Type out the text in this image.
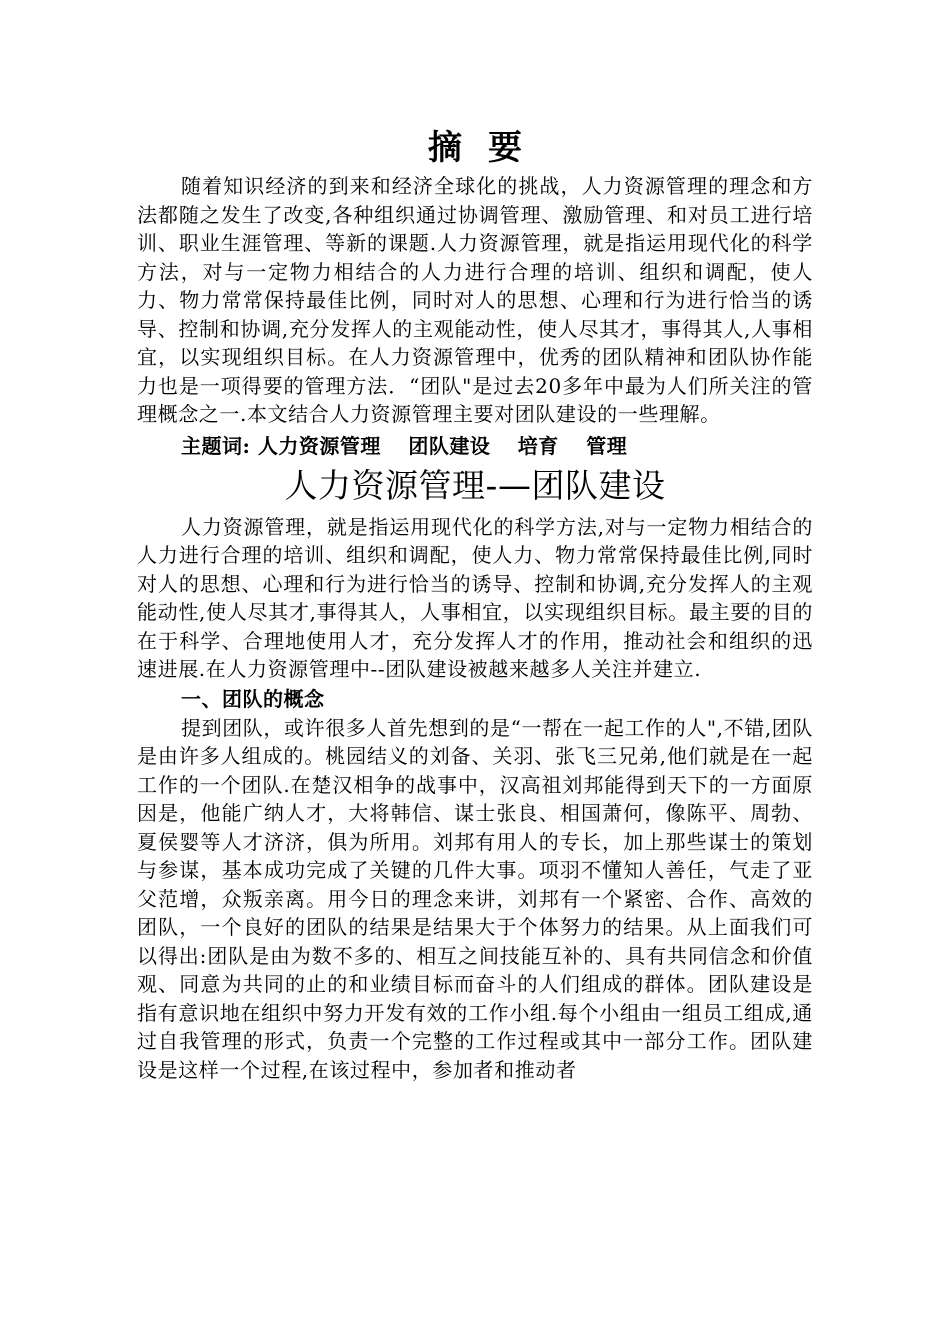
摘要

随着知识经济的到来和经济全球化的挑战，人力资源管理的理念和方法都随之发生了改变,各种组织通过协调管理、激励管理、和对员工进行培训、职业生涯管理、等新的课题.人力资源管理，就是指运用现代化的科学方法，对与一定物力相结合的人力进行合理的培训、组织和调配，使人力、物力常常保持最佳比例，同时对人的思想、心理和行为进行恰当的诱导、控制和协调,充分发挥人的主观能动性，使人尽其才，事得其人,人事相宜，以实现组织目标。在人力资源管理中，优秀的团队精神和团队协作能力也是一项得要的管理方法．“团队"是过去20多年中最为人们所关注的管理概念之一.本文结合人力资源管理主要对团队建设的一些理解。

主题词: 人力资源管理 团队建设 培育 管理
人力资源管理-—团队建设

人力资源管理，就是指运用现代化的科学方法,对与一定物力相结合的人力进行合理的培训、组织和调配，使人力、物力常常保持最佳比例,同时对人的思想、心理和行为进行恰当的诱导、控制和协调,充分发挥人的主观能动性,使人尽其才,事得其人，人事相宜，以实现组织目标。最主要的目的在于科学、合理地使用人才，充分发挥人才的作用，推动社会和组织的迅速进展.在人力资源管理中--团队建设被越来越多人关注并建立.

一、团队的概念

提到团队，或许很多人首先想到的是“一帮在一起工作的人",不错,团队是由许多人组成的。桃园结义的刘备、关羽、张飞三兄弟,他们就是在一起工作的一个团队.在楚汉相争的战事中，汉高祖刘邦能得到天下的一方面原因是，他能广纳人才，大将韩信、谋士张良、相国萧何，像陈平、周勃、夏侯婴等人才济济，俱为所用。刘邦有用人的专长，加上那些谋士的策划与参谋，基本成功完成了关键的几件大事。项羽不懂知人善任，气走了亚父范增，众叛亲离。用今日的理念来讲，刘邦有一个紧密、合作、高效的团队，一个良好的团队的结果是结果大于个体努力的结果。从上面我们可以得出:团队是由为数不多的、相互之间技能互补的、具有共同信念和价值观、同意为共同的止的和业绩目标而奋斗的人们组成的群体。团队建设是指有意识地在组织中努力开发有效的工作小组.每个小组由一组员工组成,通过自我管理的形式，负责一个完整的工作过程或其中一部分工作。团队建设是这样一个过程,在该过程中，参加者和推动者
